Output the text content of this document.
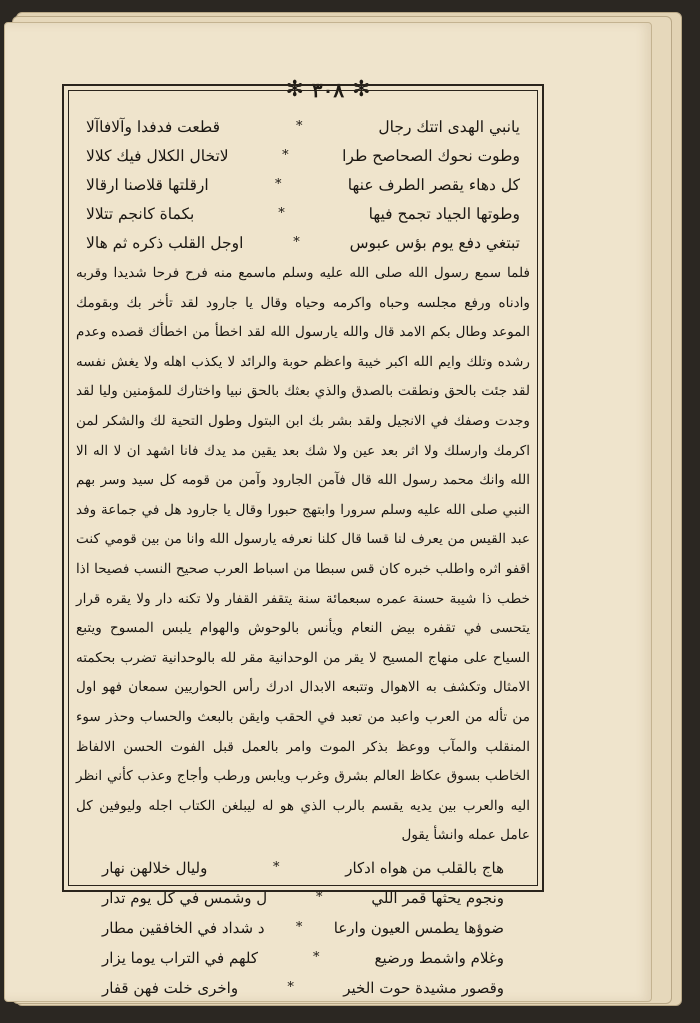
✻ ٣٠٨ ✻
يانبي الهدى اتتك رجال
*
قطعت فدفدا وآلافاآلا
وطوت نحوك الصحاصح طرا
*
لاتخال الكلال فيك كلالا
كل دهاء يقصر الطرف عنها
*
ارقلتها قلاصنا ارقالا
وطوتها الجياد تجمح فيها
*
بكماة كانجم تتلالا
تبتغي دفع يوم بؤس عبوس
*
اوجل القلب ذكره ثم هالا
فلما سمع رسول الله صلى الله عليه وسلم ماسمع منه فرح فرحا شديدا وقربه وادناه ورفع مجلسه وحباه واكرمه وحياه وقال يا جارود لقد تأخر بك وبقومك الموعد وطال بكم الامد قال والله يارسول الله لقد اخطأ من اخطأك قصده وعدم رشده وتلك وايم الله اكبر خيبة واعظم حوبة والرائد لا يكذب اهله ولا يغش نفسه لقد جئت بالحق ونطقت بالصدق والذي بعثك بالحق نبيا واختارك للمؤمنين وليا لقد وجدت وصفك في الانجيل ولقد بشر بك ابن البتول وطول التحية لك والشكر لمن اكرمك وارسلك ولا اثر بعد عين ولا شك بعد يقين مد يدك فانا اشهد ان لا اله الا الله وانك محمد رسول الله قال فآمن الجارود وآمن من قومه كل سيد وسر بهم النبي صلى الله عليه وسلم سرورا وابتهج حبورا وقال يا جارود هل في جماعة وفد عبد القيس من يعرف لنا قسا قال كلنا نعرفه يارسول الله وانا من بين قومي كنت اقفو اثره واطلب خبره كان قس سبطا من اسباط العرب صحيح النسب فصيحا اذا خطب ذا شيبة حسنة عمره سبعمائة سنة يتقفر القفار ولا تكنه دار ولا يقره قرار يتحسى في تقفره بيض النعام ويأنس بالوحوش والهوام يلبس المسوح ويتبع السياح على منهاج المسيح لا يقر من الوحدانية مقر لله بالوحدانية تضرب بحكمته الامثال وتكشف به الاهوال وتتبعه الابدال ادرك رأس الحواريين سمعان فهو اول من تأله من العرب واعبد من تعبد في الحقب وايقن بالبعث والحساب وحذر سوء المنقلب والمآب ووعظ بذكر الموت وامر بالعمل قبل الفوت الحسن الالفاظ الخاطب بسوق عكاظ العالم بشرق وغرب ويابس ورطب وأجاج وعذب كأني انظر اليه والعرب بين يديه يقسم بالرب الذي هو له ليبلغن الكتاب اجله وليوفين كل عامل عمله وانشأ يقول
هاج بالقلب من هواه ادكار
*
وليال خلالهن نهار
ونجوم يحثها قمر اللي
*
ل وشمس في كل يوم تدار
ضوؤها يطمس العيون وارعا
*
د شداد في الخافقين مطار
وغلام واشمط ورضيع
*
كلهم في التراب يوما يزار
وقصور مشيدة حوت الخير
*
واخرى خلت فهن قفار
